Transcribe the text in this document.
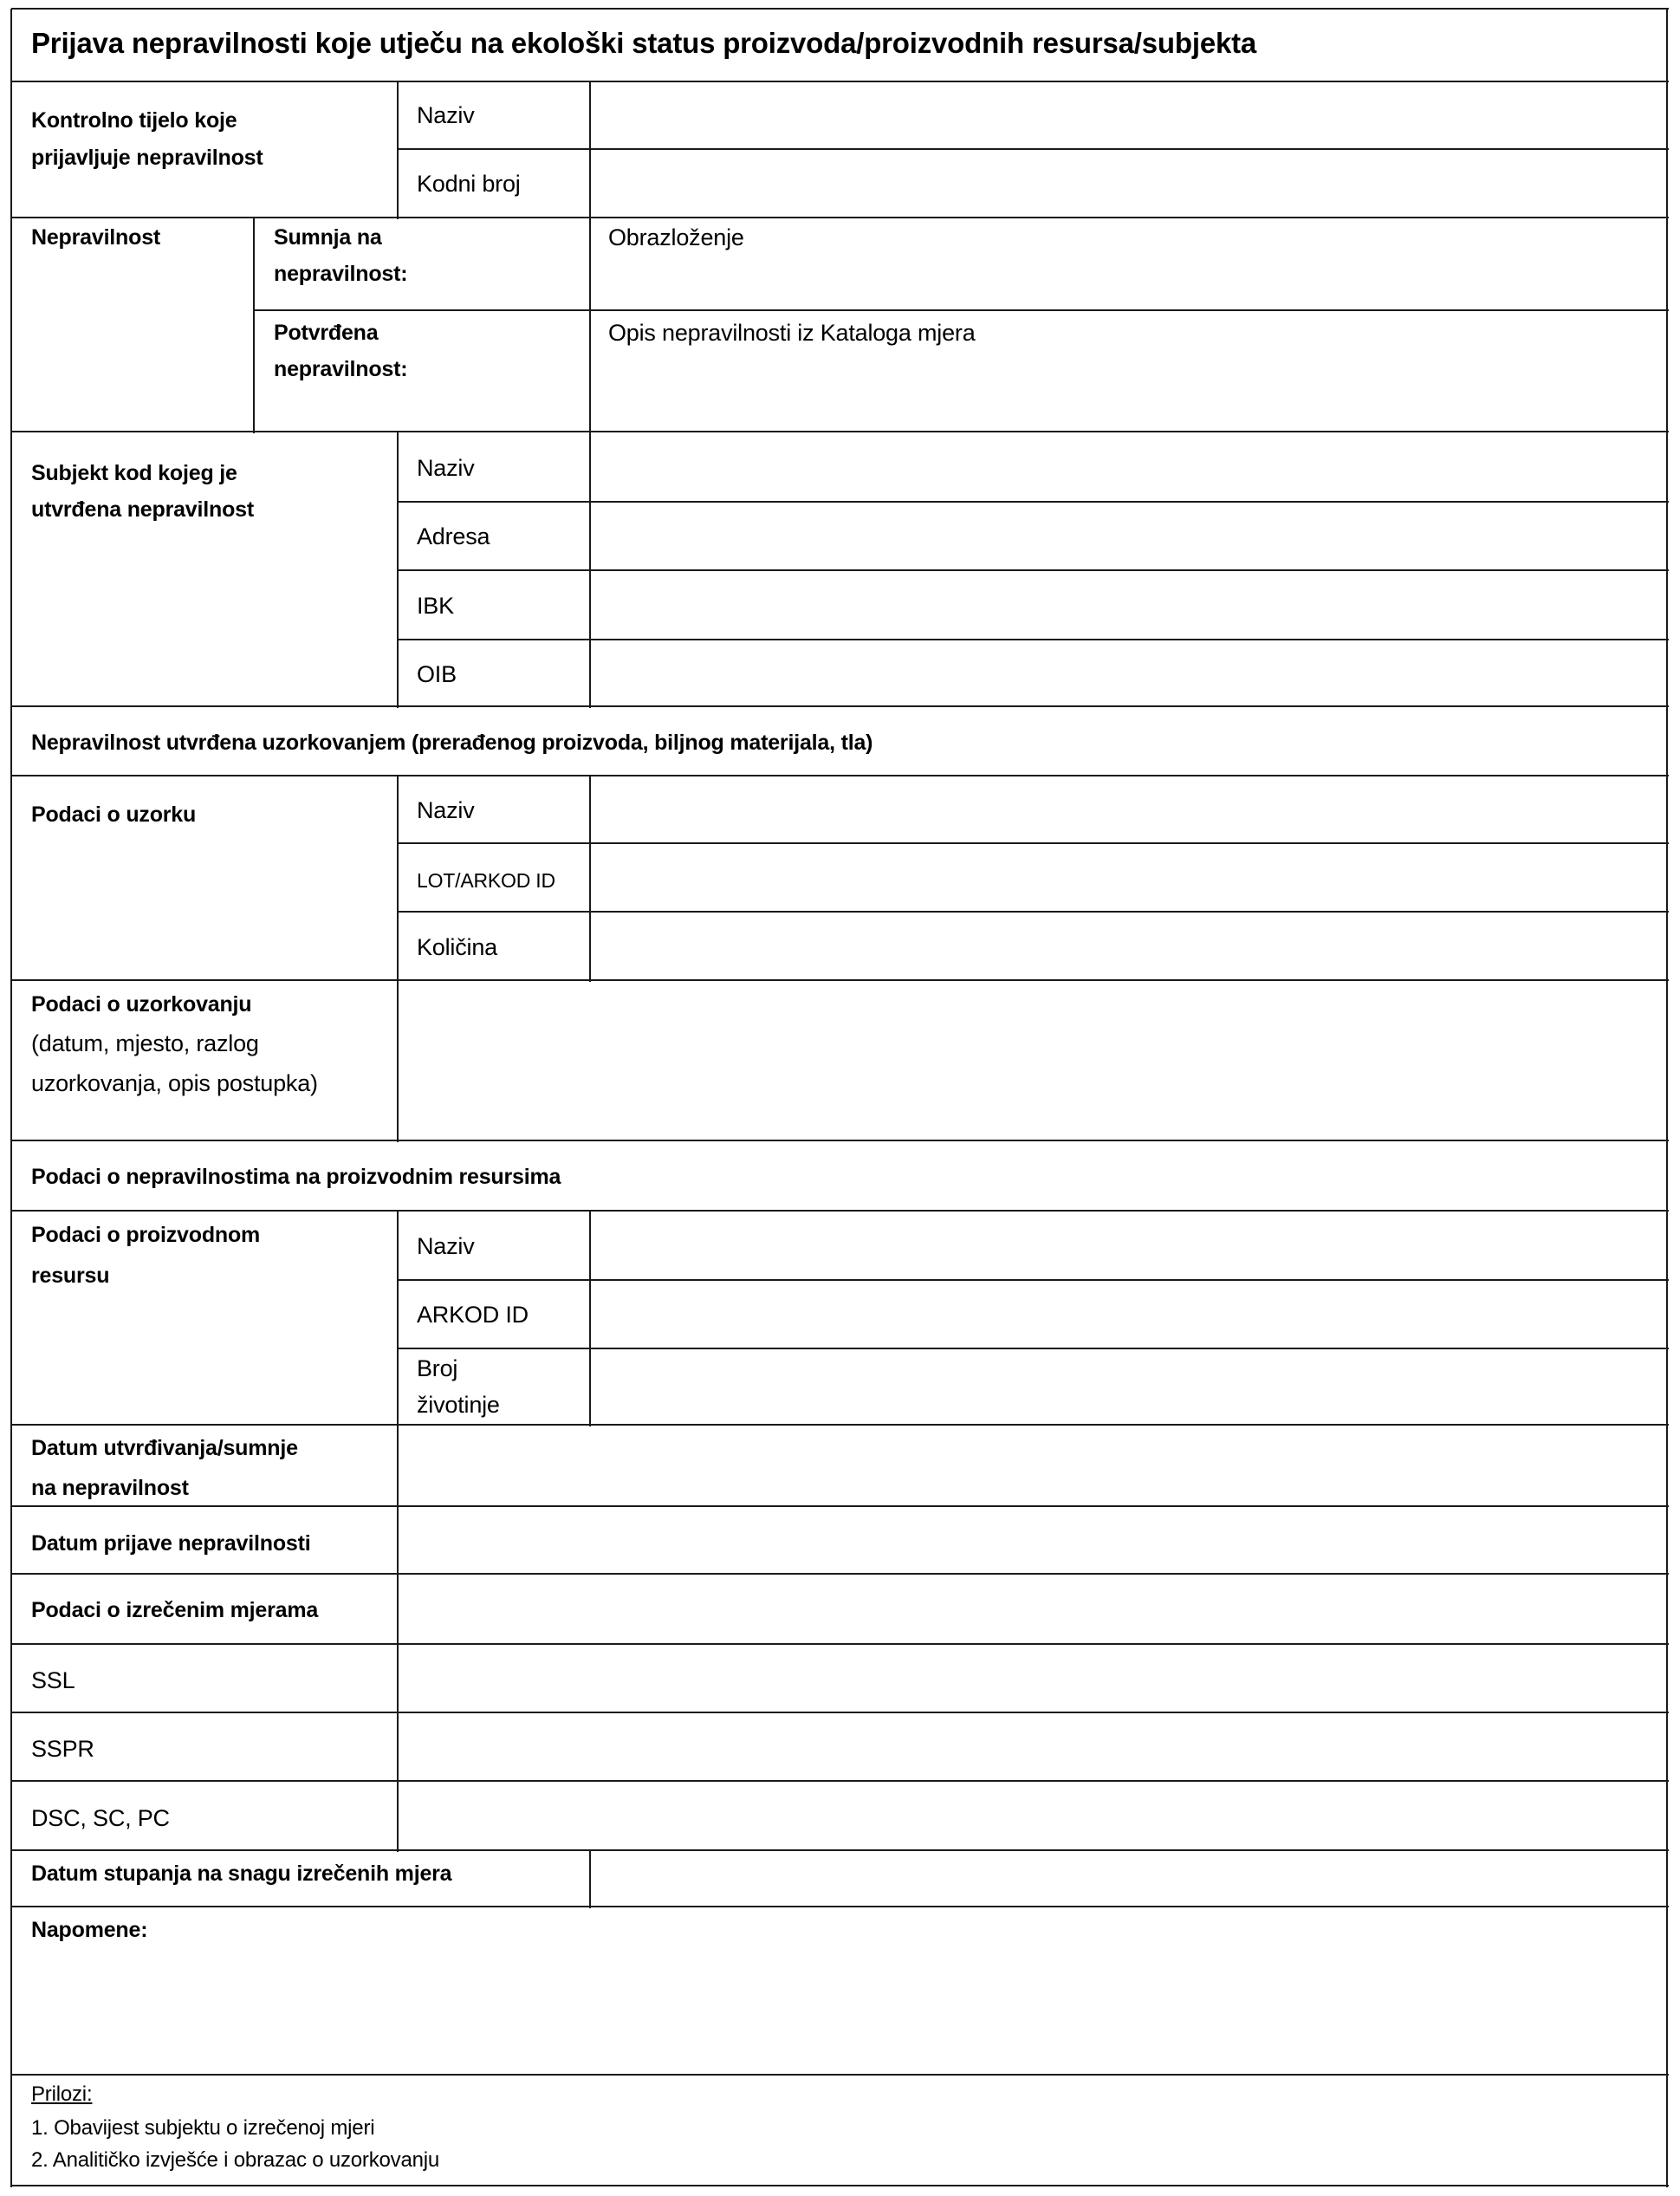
Prijava nepravilnosti koje utječu na ekološki status proizvoda/proizvodnih resursa/subjekta
Kontrolno tijelo koje
prijavljuje nepravilnost
Naziv
Kodni broj
Nepravilnost	Sumnja na
nepravilnost:
Obrazloženje
Potvrđena
nepravilnost:
Opis nepravilnosti iz Kataloga mjera
Subjekt kod kojeg je
utvrđena nepravilnost
Naziv
Adresa
IBK
OIB
Nepravilnost utvrđena uzorkovanjem (prerađenog proizvoda, biljnog materijala, tla)
Podaci o uzorku	Naziv
LOT/ARKOD ID
Količina
Podaci o uzorkovanju
(datum, mjesto, razlog
uzorkovanja, opis postupka)
Podaci o nepravilnostima na proizvodnim resursima
Podaci o proizvodnom
resursu
Naziv
ARKOD ID
Broj
životinje
Datum utvrđivanja/sumnje
na nepravilnost
Datum prijave nepravilnosti
Podaci o izrečenim mjerama
SSL
SSPR
DSC, SC, PC
Datum stupanja na snagu izrečenih mjera
Napomene:
Prilozi:
1. Obavijest subjektu o izrečenoj mjeri
2. Analitičko izvješće i obrazac o uzorkovanju
